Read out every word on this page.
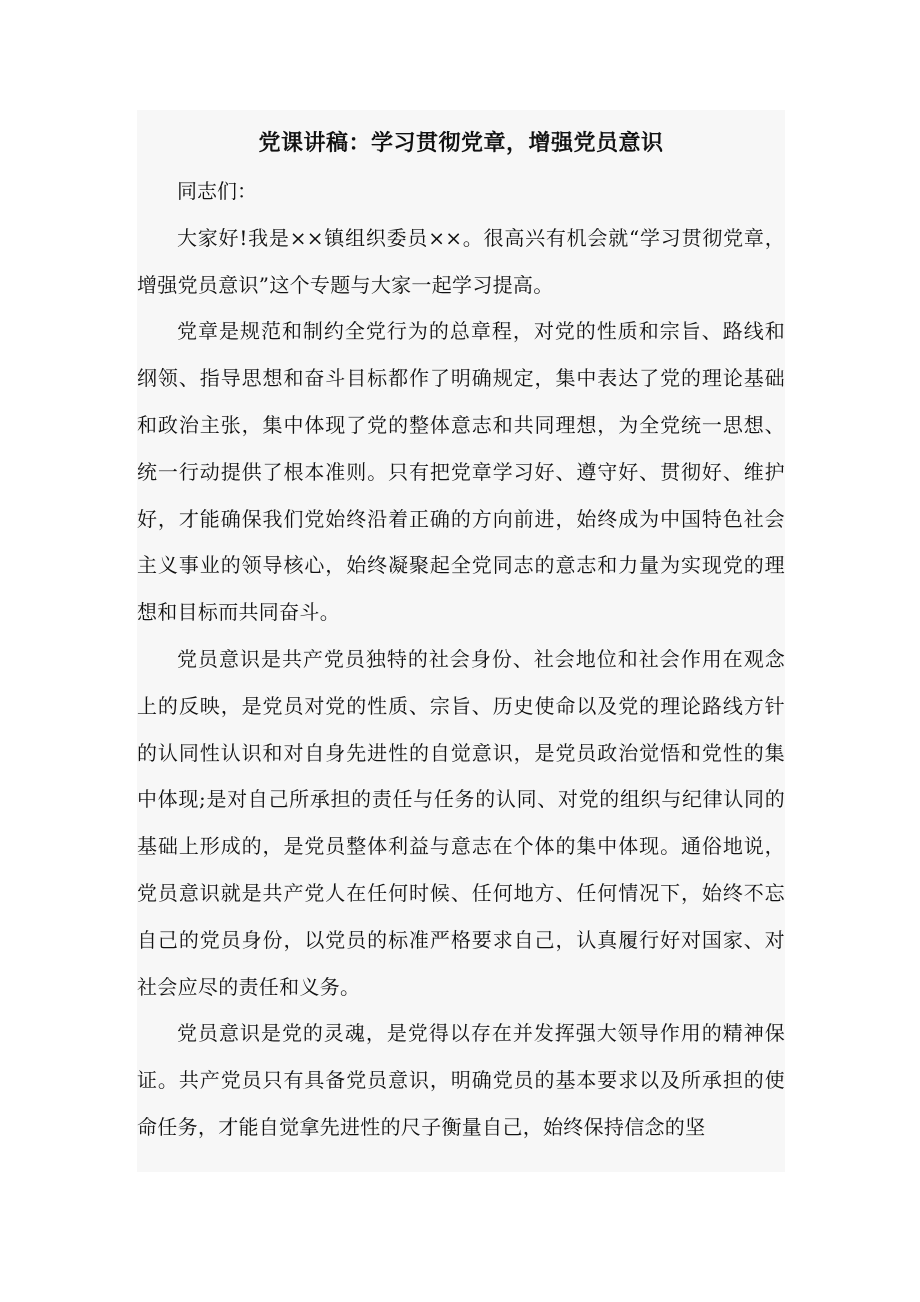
党课讲稿：学习贯彻党章，增强党员意识

同志们：

大家好!我是××镇组织委员××。很高兴有机会就“学习贯彻党章，增强党员意识”这个专题与大家一起学习提高。

党章是规范和制约全党行为的总章程，对党的性质和宗旨、路线和纲领、指导思想和奋斗目标都作了明确规定，集中表达了党的理论基础和政治主张，集中体现了党的整体意志和共同理想，为全党统一思想、统一行动提供了根本准则。只有把党章学习好、遵守好、贯彻好、维护好，才能确保我们党始终沿着正确的方向前进，始终成为中国特色社会主义事业的领导核心，始终凝聚起全党同志的意志和力量为实现党的理想和目标而共同奋斗。

党员意识是共产党员独特的社会身份、社会地位和社会作用在观念上的反映，是党员对党的性质、宗旨、历史使命以及党的理论路线方针的认同性认识和对自身先进性的自觉意识，是党员政治觉悟和党性的集中体现;是对自己所承担的责任与任务的认同、对党的组织与纪律认同的基础上形成的，是党员整体利益与意志在个体的集中体现。通俗地说，党员意识就是共产党人在任何时候、任何地方、任何情况下，始终不忘自己的党员身份，以党员的标准严格要求自己，认真履行好对国家、对社会应尽的责任和义务。

党员意识是党的灵魂，是党得以存在并发挥强大领导作用的精神保证。共产党员只有具备党员意识，明确党员的基本要求以及所承担的使命任务，才能自觉拿先进性的尺子衡量自己，始终保持信念的坚
